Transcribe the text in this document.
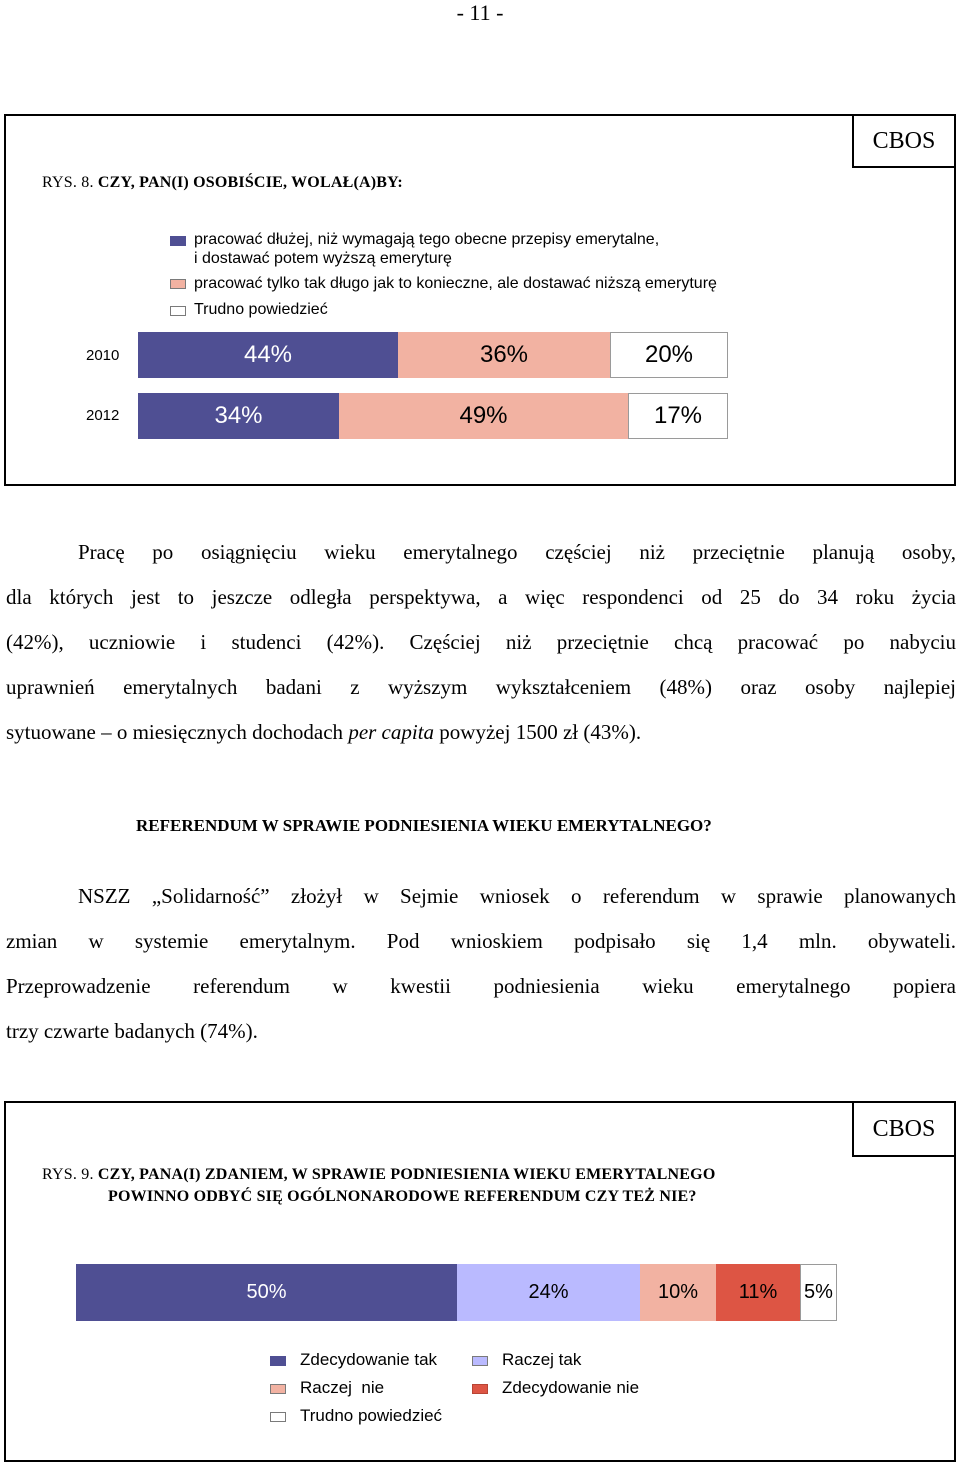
- 11 -
CBOS
RYS. 8. CZY, PAN(I) OSOBIŚCIE, WOLAŁ(A)BY:
pracować dłużej, niż wymagają tego obecne przepisy emerytalne,
i dostawać potem wyższą emeryturę
pracować tylko tak długo jak to konieczne, ale dostawać niższą emeryturę
Trudno powiedzieć
2010
2012
44%	36%	20%
34%	49%	17%
Pracę po osiągnięciu wieku emerytalnego częściej niż przeciętnie planują osoby,
dla których jest to jeszcze odległa perspektywa, a więc respondenci od 25 do 34 roku życia
(42%), uczniowie i studenci (42%). Częściej niż przeciętnie chcą pracować po nabyciu
uprawnień emerytalnych badani z wyższym wykształceniem (48%) oraz osoby najlepiej
sytuowane – o miesięcznych dochodach per capita powyżej 1500 zł (43%).
REFERENDUM W SPRAWIE PODNIESIENIA WIEKU EMERYTALNEGO?
NSZZ „Solidarność” złożył w Sejmie wniosek o referendum w sprawie planowanych
zmian w systemie emerytalnym. Pod wnioskiem podpisało się 1,4 mln. obywateli.
Przeprowadzenie referendum w kwestii podniesienia wieku emerytalnego popiera
trzy czwarte badanych (74%).
CBOS
RYS. 9. CZY, PANA(I) ZDANIEM, W SPRAWIE PODNIESIENIA WIEKU EMERYTALNEGO
POWINNO ODBYĆ SIĘ OGÓLNONARODOWE REFERENDUM CZY TEŻ NIE?
50%	24%	10% 11% 5%
Zdecydowanie tak	Raczej tak
Raczej  nie	Zdecydowanie nie
Trudno powiedzieć
